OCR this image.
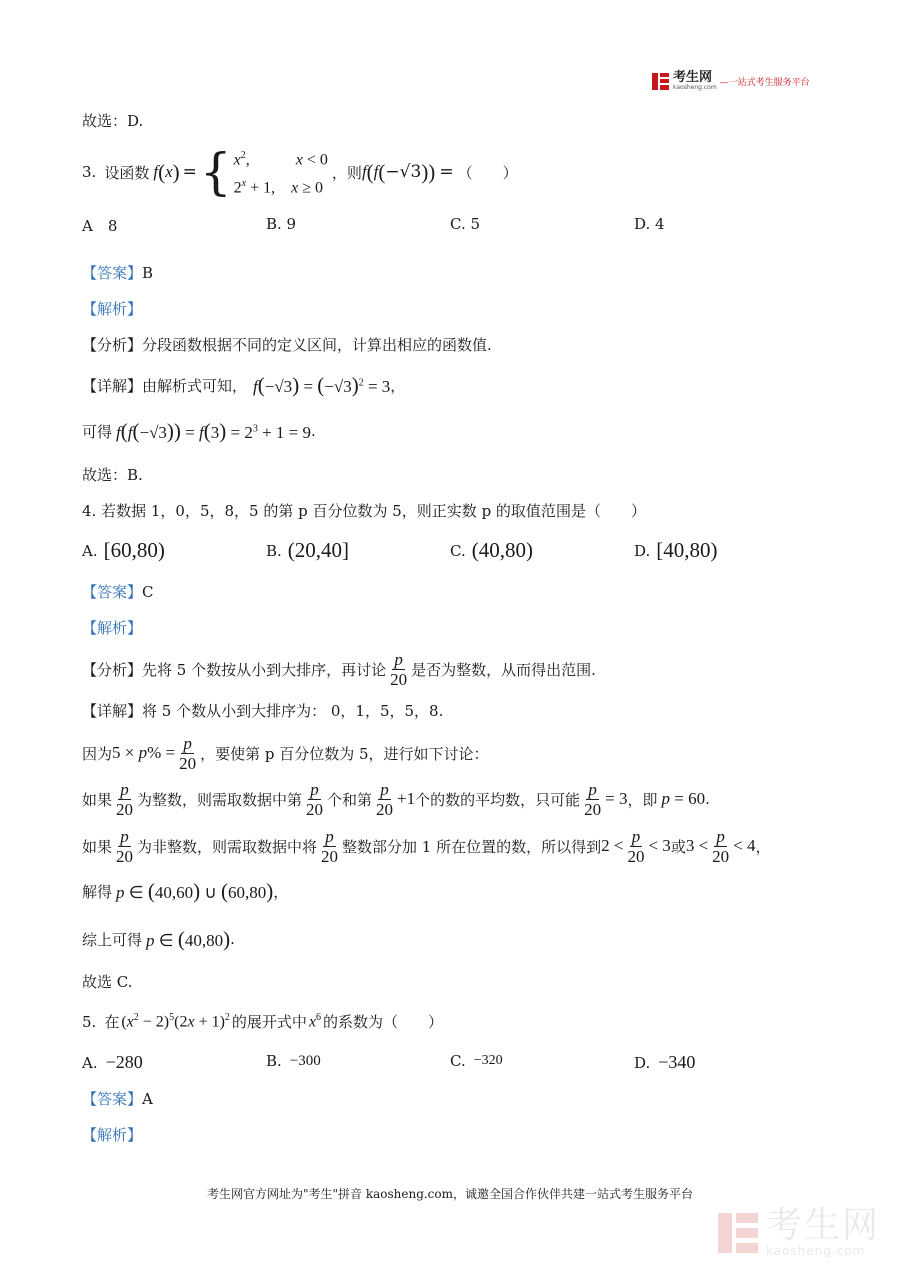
考生网
kaosheng.com —一站式考生服务平台
故选：D.
3. 设函数 f ( x ) = { $x^2$,	x < 0
$2^x + 1$, x ≥ 0
，则 f ( f ( −√3 )) = （　　）
A　8	B. 9	C. 5	D. 4
【答案】B
【解析】
【分析】分段函数根据不同的定义区间，计算出相应的函数值.
【详解】 由解析式可知， $f(-√3) = (-√3)^2 = 3$ ，
可得 $f(f(-√3)) = f(3) = 2^3 + 1 = 9$ .
故选：B.
4. 若数据 1，0，5，8，5 的第 p 百分位数为 5，则正实数 p 的取值范围是（　　）
A. [60,80)	B. (20,40]	C. (40,80)	D. [40,80)
【答案】C
【解析】
【分析】 先将 5 个数按从小到大排序，再讨论 $\frac{p}{20}$ 是否为整数，从而得出范围.
【详解】将 5 个数从小到大排序为： 0，1，5，5，8.
因为 $5 \times p\% = \frac{p}{20}$ ，要使第 p 百分位数为 5，进行如下讨论：
如果 $\frac{p}{20}$ 为整数，则需取数据中第 $\frac{p}{20}$ 个和第 $\frac{p}{20} +1$ 个的数的平均数，只可能 $\frac{p}{20} = 3$ ，即 p = 60 .
如果 $\frac{p}{20}$ 为非整数，则需取数据中将 $\frac{p}{20}$ 整数部分加 1 所在位置的数，所以得到 $2 < \frac{p}{20} < 3$ 或 $3 < \frac{p}{20} < 4$ ，
解得 p ∈ (40,60) ∪ (60,80) ，
综上可得 p ∈ (40,80) .
故选 C.
5. 在 $(x^2 - 2)^5(2x + 1)^2$ 的展开式中 $x^6$ 的系数为（　　）
A. −280	B. −300	C. −320	D. −340
【答案】A
【解析】
考生网官方网址为"考生"拼音 kaosheng.com，诚邀全国合作伙伴共建一站式考生服务平台
考生网
kaosheng.com
